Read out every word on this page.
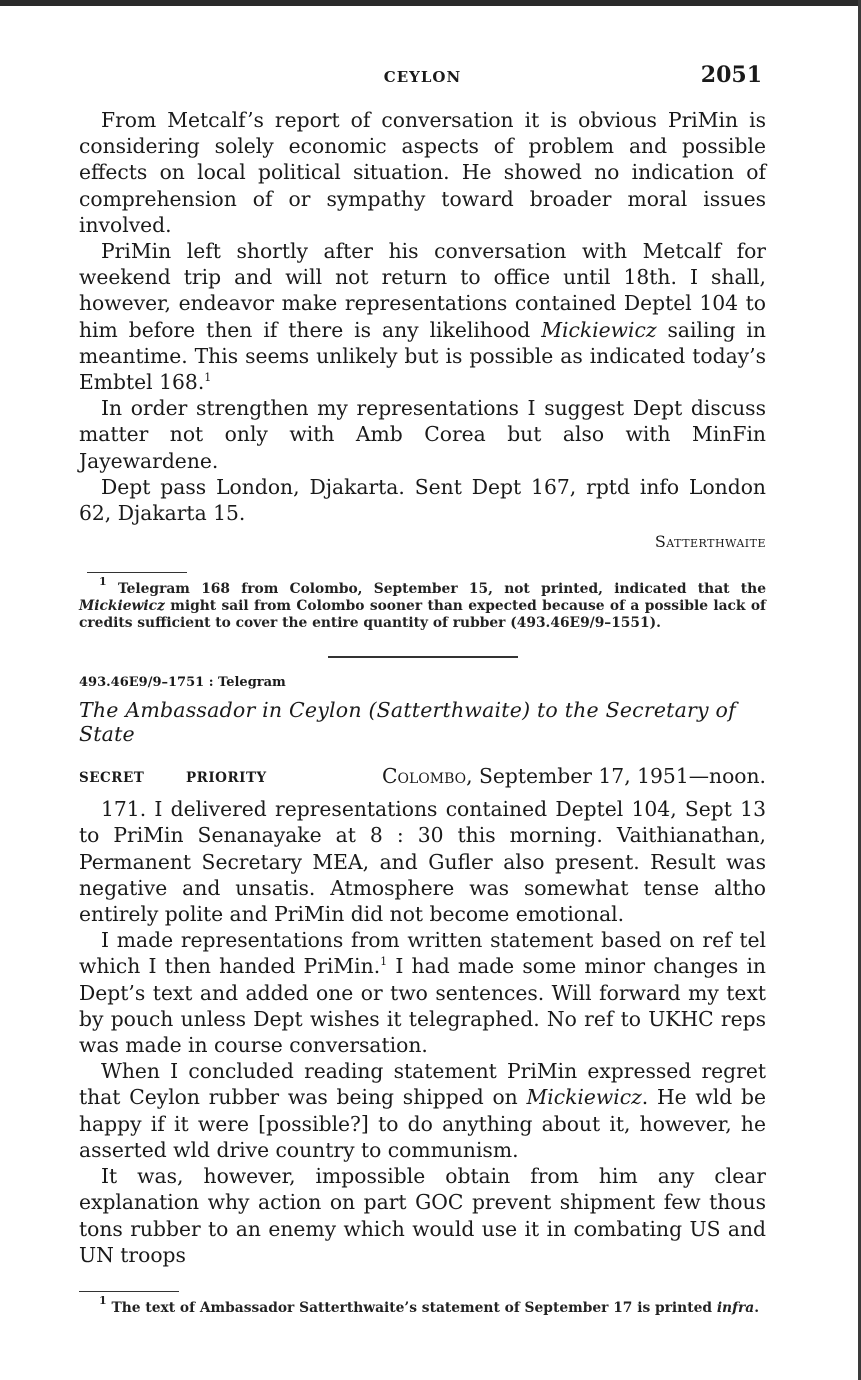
CEYLON	2051

From Metcalf’s report of conversation it is obvious PriMin is considering solely economic aspects of problem and possible effects on local political situation. He showed no indication of comprehension of or sympathy toward broader moral issues involved.

PriMin left shortly after his conversation with Metcalf for weekend trip and will not return to office until 18th. I shall, however, endeavor make representations contained Deptel 104 to him before then if there is any likelihood Mickiewicz sailing in meantime. This seems unlikely but is possible as indicated today’s Embtel 168.$^1$

In order strengthen my representations I suggest Dept discuss matter not only with Amb Corea but also with MinFin Jayewardene.

Dept pass London, Djakarta. Sent Dept 167, rptd info London 62, Djakarta 15.

Satterthwaite
$^1$ Telegram 168 from Colombo, September 15, not printed, indicated that the Mickiewicz might sail from Colombo sooner than expected because of a possible lack of credits sufficient to cover the entire quantity of rubber (493.46E9/9–1551).
493.46E9/9–1751 : Telegram
The Ambassador in Ceylon (Satterthwaite) to the Secretary of State
SECRET	PRIORITY	Colombo, September 17, 1951—noon.

171. I delivered representations contained Deptel 104, Sept 13 to PriMin Senanayake at 8 : 30 this morning. Vaithianathan, Permanent Secretary MEA, and Gufler also present. Result was negative and unsatis. Atmosphere was somewhat tense altho entirely polite and PriMin did not become emotional.

I made representations from written statement based on ref tel which I then handed PriMin.$^1$ I had made some minor changes in Dept’s text and added one or two sentences. Will forward my text by pouch unless Dept wishes it telegraphed. No ref to UKHC reps was made in course conversation.

When I concluded reading statement PriMin expressed regret that Ceylon rubber was being shipped on Mickiewicz. He wld be happy if it were [possible?] to do anything about it, however, he asserted wld drive country to communism.

It was, however, impossible obtain from him any clear explanation why action on part GOC prevent shipment few thous tons rubber to an enemy which would use it in combating US and UN troops

$^1$ The text of Ambassador Satterthwaite’s statement of September 17 is printed infra.
